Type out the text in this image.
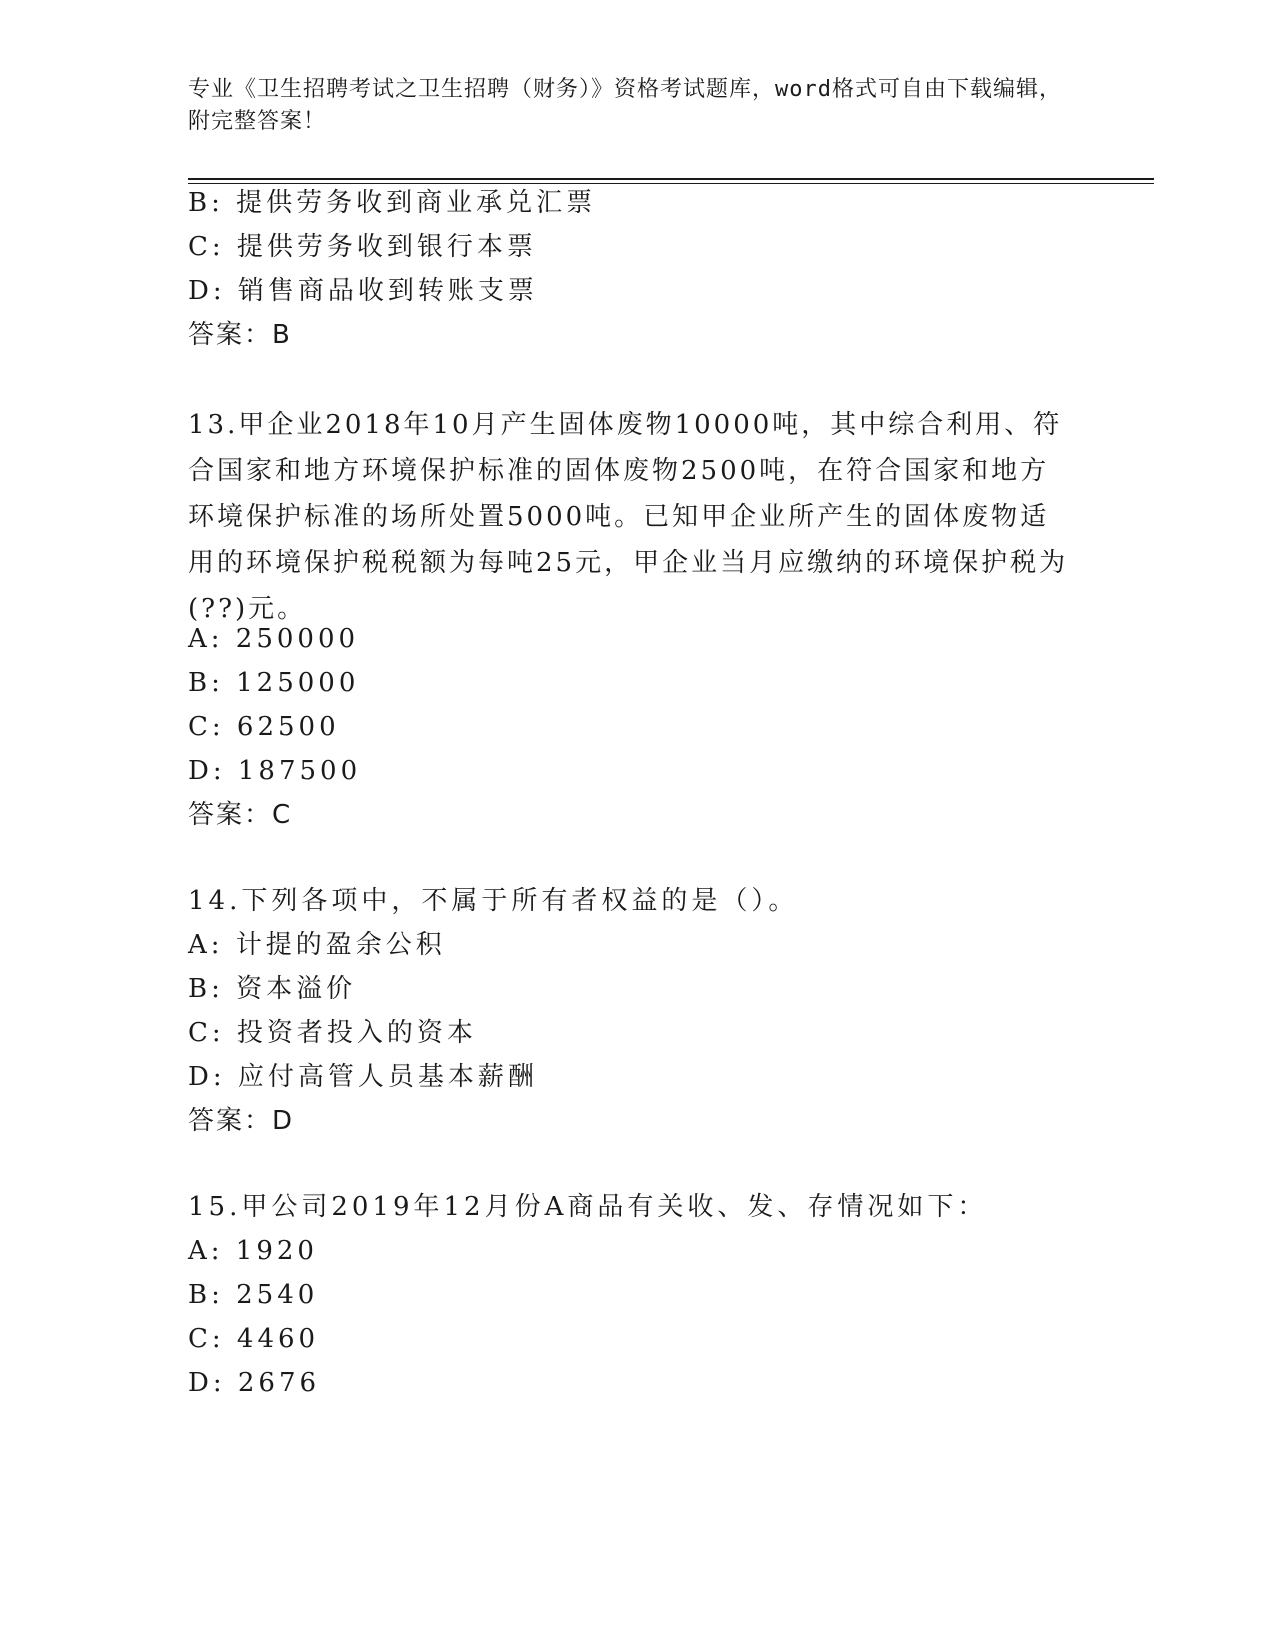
专业《卫生招聘考试之卫生招聘（财务）》资格考试题库，word格式可自由下载编辑，附完整答案！
B: 提供劳务收到商业承兑汇票
C: 提供劳务收到银行本票
D: 销售商品收到转账支票
答案：B
13.甲企业2018年10月产生固体废物10000吨，其中综合利用、符合国家和地方环境保护标准的固体废物2500吨，在符合国家和地方环境保护标准的场所处置5000吨。已知甲企业所产生的固体废物适用的环境保护税税额为每吨25元，甲企业当月应缴纳的环境保护税为(??)元。
A: 250000
B: 125000
C: 62500
D: 187500
答案：C
14.下列各项中，不属于所有者权益的是（）。
A: 计提的盈余公积
B: 资本溢价
C: 投资者投入的资本
D: 应付高管人员基本薪酬
答案：D
15.甲公司2019年12月份A商品有关收、发、存情况如下：
A: 1920
B: 2540
C: 4460
D: 2676
